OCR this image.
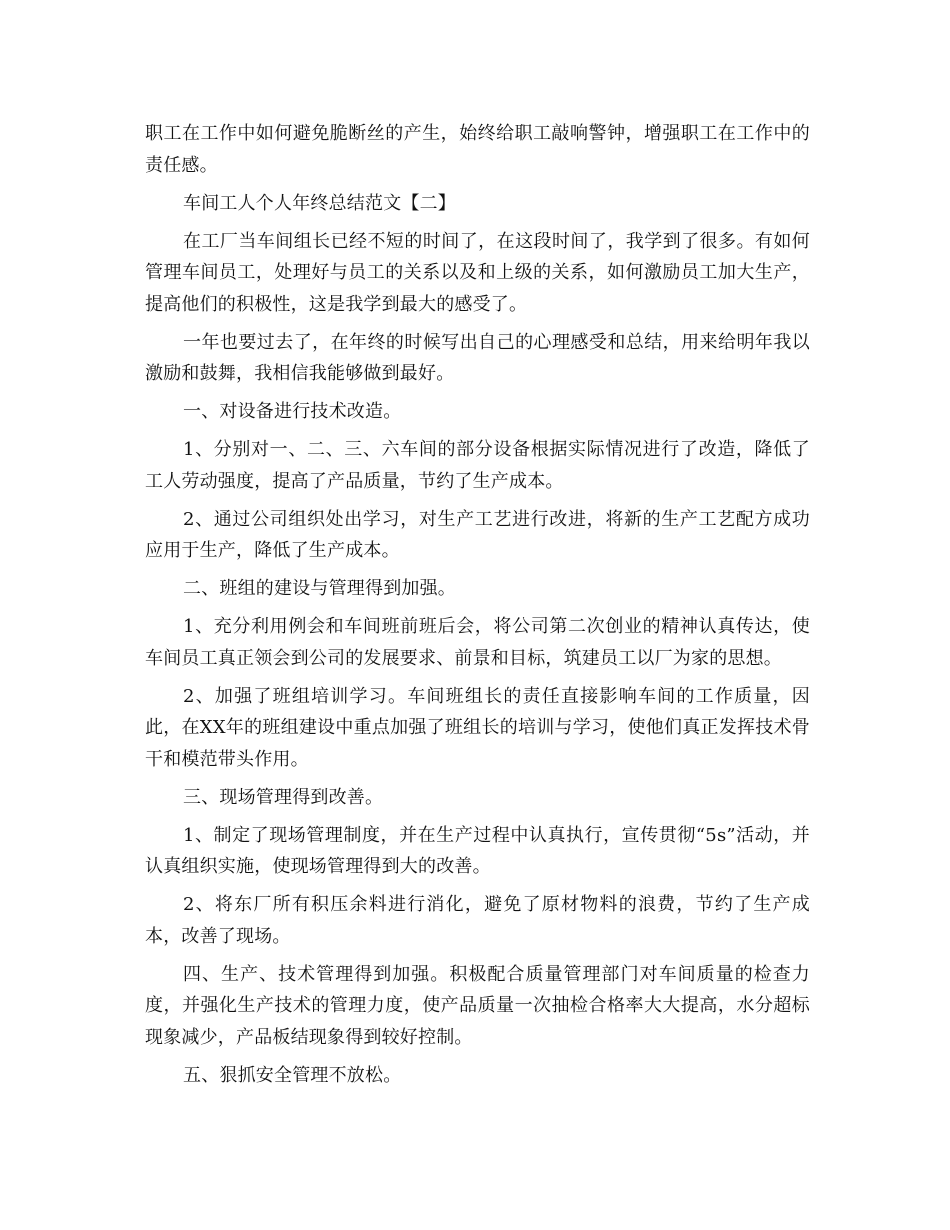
职工在工作中如何避免脆断丝的产生，始终给职工敲响警钟，增强职工在工作中的责任感。

车间工人个人年终总结范文【二】

在工厂当车间组长已经不短的时间了，在这段时间了，我学到了很多。有如何管理车间员工，处理好与员工的关系以及和上级的关系，如何激励员工加大生产，提高他们的积极性，这是我学到最大的感受了。

一年也要过去了，在年终的时候写出自己的心理感受和总结，用来给明年我以激励和鼓舞，我相信我能够做到最好。

一、对设备进行技术改造。

1、分别对一、二、三、六车间的部分设备根据实际情况进行了改造，降低了工人劳动强度，提高了产品质量，节约了生产成本。

2、通过公司组织处出学习，对生产工艺进行改进，将新的生产工艺配方成功应用于生产，降低了生产成本。

二、班组的建设与管理得到加强。

1、充分利用例会和车间班前班后会，将公司第二次创业的精神认真传达，使车间员工真正领会到公司的发展要求、前景和目标，筑建员工以厂为家的思想。

2、加强了班组培训学习。车间班组长的责任直接影响车间的工作质量，因此，在XX年的班组建设中重点加强了班组长的培训与学习，使他们真正发挥技术骨干和模范带头作用。

三、现场管理得到改善。

1、制定了现场管理制度，并在生产过程中认真执行，宣传贯彻“5s”活动，并认真组织实施，使现场管理得到大的改善。

2、将东厂所有积压余料进行消化，避免了原材物料的浪费，节约了生产成本，改善了现场。

四、生产、技术管理得到加强。积极配合质量管理部门对车间质量的检查力度，并强化生产技术的管理力度，使产品质量一次抽检合格率大大提高，水分超标现象减少，产品板结现象得到较好控制。

五、狠抓安全管理不放松。
